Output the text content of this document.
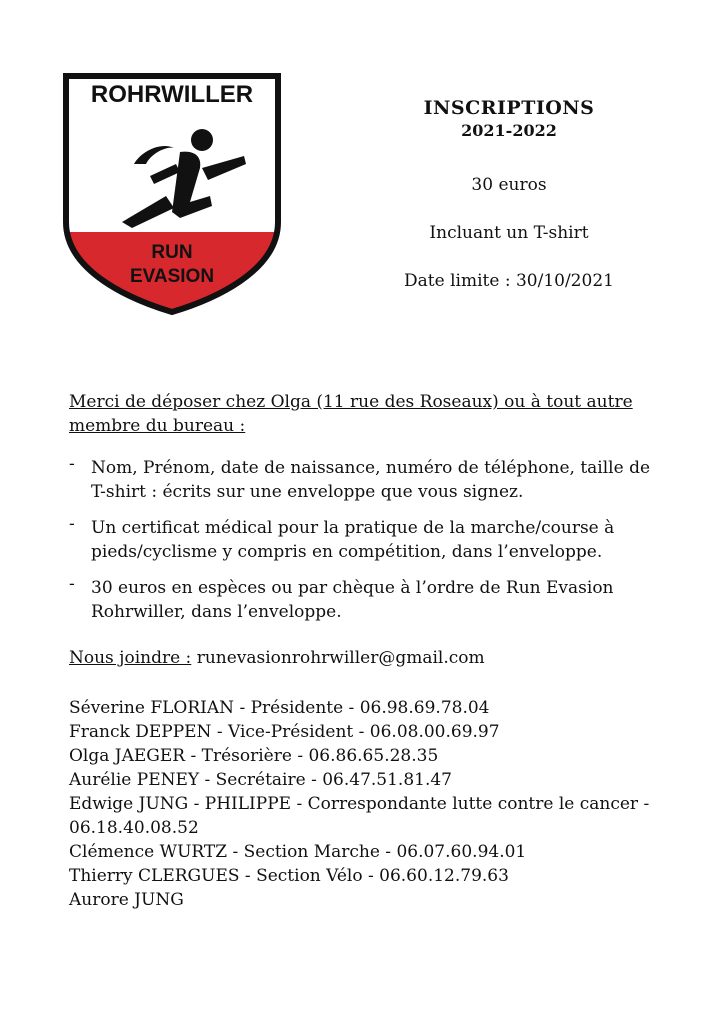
ROHRWILLER
RUN
EVASION

INSCRIPTIONS

2021-2022

30 euros

Incluant un T-shirt

Date limite : 30/10/2021

Merci de déposer chez Olga (11 rue des Roseaux) ou à tout autre membre du bureau :

- Nom, Prénom, date de naissance, numéro de téléphone, taille de T-shirt : écrits sur une enveloppe que vous signez.
- Un certificat médical pour la pratique de la marche/course à pieds/cyclisme y compris en compétition, dans l’enveloppe.
- 30 euros en espèces ou par chèque à l’ordre de Run Evasion Rohrwiller, dans l’enveloppe.

Nous joindre : runevasionrohrwiller@gmail.com

Séverine FLORIAN - Présidente - 06.98.69.78.04
Franck DEPPEN - Vice-Président - 06.08.00.69.97
Olga JAEGER - Trésorière - 06.86.65.28.35
Aurélie PENEY - Secrétaire - 06.47.51.81.47
Edwige JUNG - PHILIPPE - Correspondante lutte contre le cancer - 06.18.40.08.52
Clémence WURTZ - Section Marche - 06.07.60.94.01
Thierry CLERGUES - Section Vélo - 06.60.12.79.63
Aurore JUNG
